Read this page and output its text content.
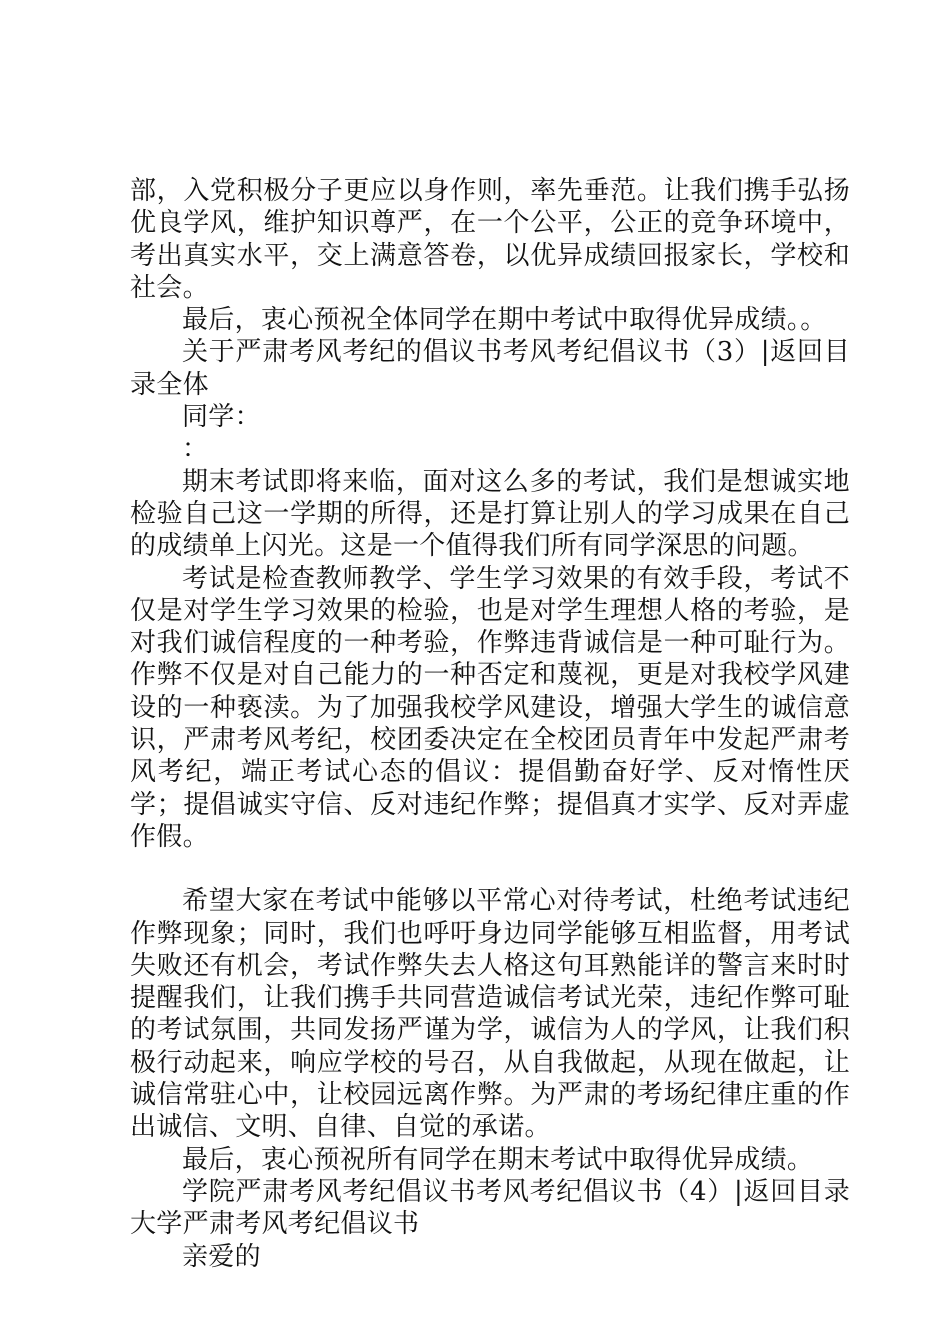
部，入党积极分子更应以身作则，率先垂范。让我们携手弘扬优良学风，维护知识尊严，在一个公平，公正的竞争环境中，考出真实水平，交上满意答卷，以优异成绩回报家长，学校和社会。

最后，衷心预祝全体同学在期中考试中取得优异成绩。。

关于严肃考风考纪的倡议书考风考纪倡议书（3）|返回目录全体

同学：

：

期末考试即将来临，面对这么多的考试，我们是想诚实地检验自己这一学期的所得，还是打算让别人的学习成果在自己的成绩单上闪光。这是一个值得我们所有同学深思的问题。

考试是检查教师教学、学生学习效果的有效手段，考试不仅是对学生学习效果的检验，也是对学生理想人格的考验，是对我们诚信程度的一种考验，作弊违背诚信是一种可耻行为。作弊不仅是对自己能力的一种否定和蔑视，更是对我校学风建设的一种亵渎。为了加强我校学风建设，增强大学生的诚信意识，严肃考风考纪，校团委决定在全校团员青年中发起严肃考风考纪，端正考试心态的倡议：提倡勤奋好学、反对惰性厌学；提倡诚实守信、反对违纪作弊；提倡真才实学、反对弄虚作假。

希望大家在考试中能够以平常心对待考试，杜绝考试违纪作弊现象；同时，我们也呼吁身边同学能够互相监督，用考试失败还有机会，考试作弊失去人格这句耳熟能详的警言来时时提醒我们，让我们携手共同营造诚信考试光荣，违纪作弊可耻的考试氛围，共同发扬严谨为学，诚信为人的学风，让我们积极行动起来，响应学校的号召，从自我做起，从现在做起，让诚信常驻心中，让校园远离作弊。为严肃的考场纪律庄重的作出诚信、文明、自律、自觉的承诺。

最后，衷心预祝所有同学在期末考试中取得优异成绩。

学院严肃考风考纪倡议书考风考纪倡议书（4）|返回目录大学严肃考风考纪倡议书

亲爱的
